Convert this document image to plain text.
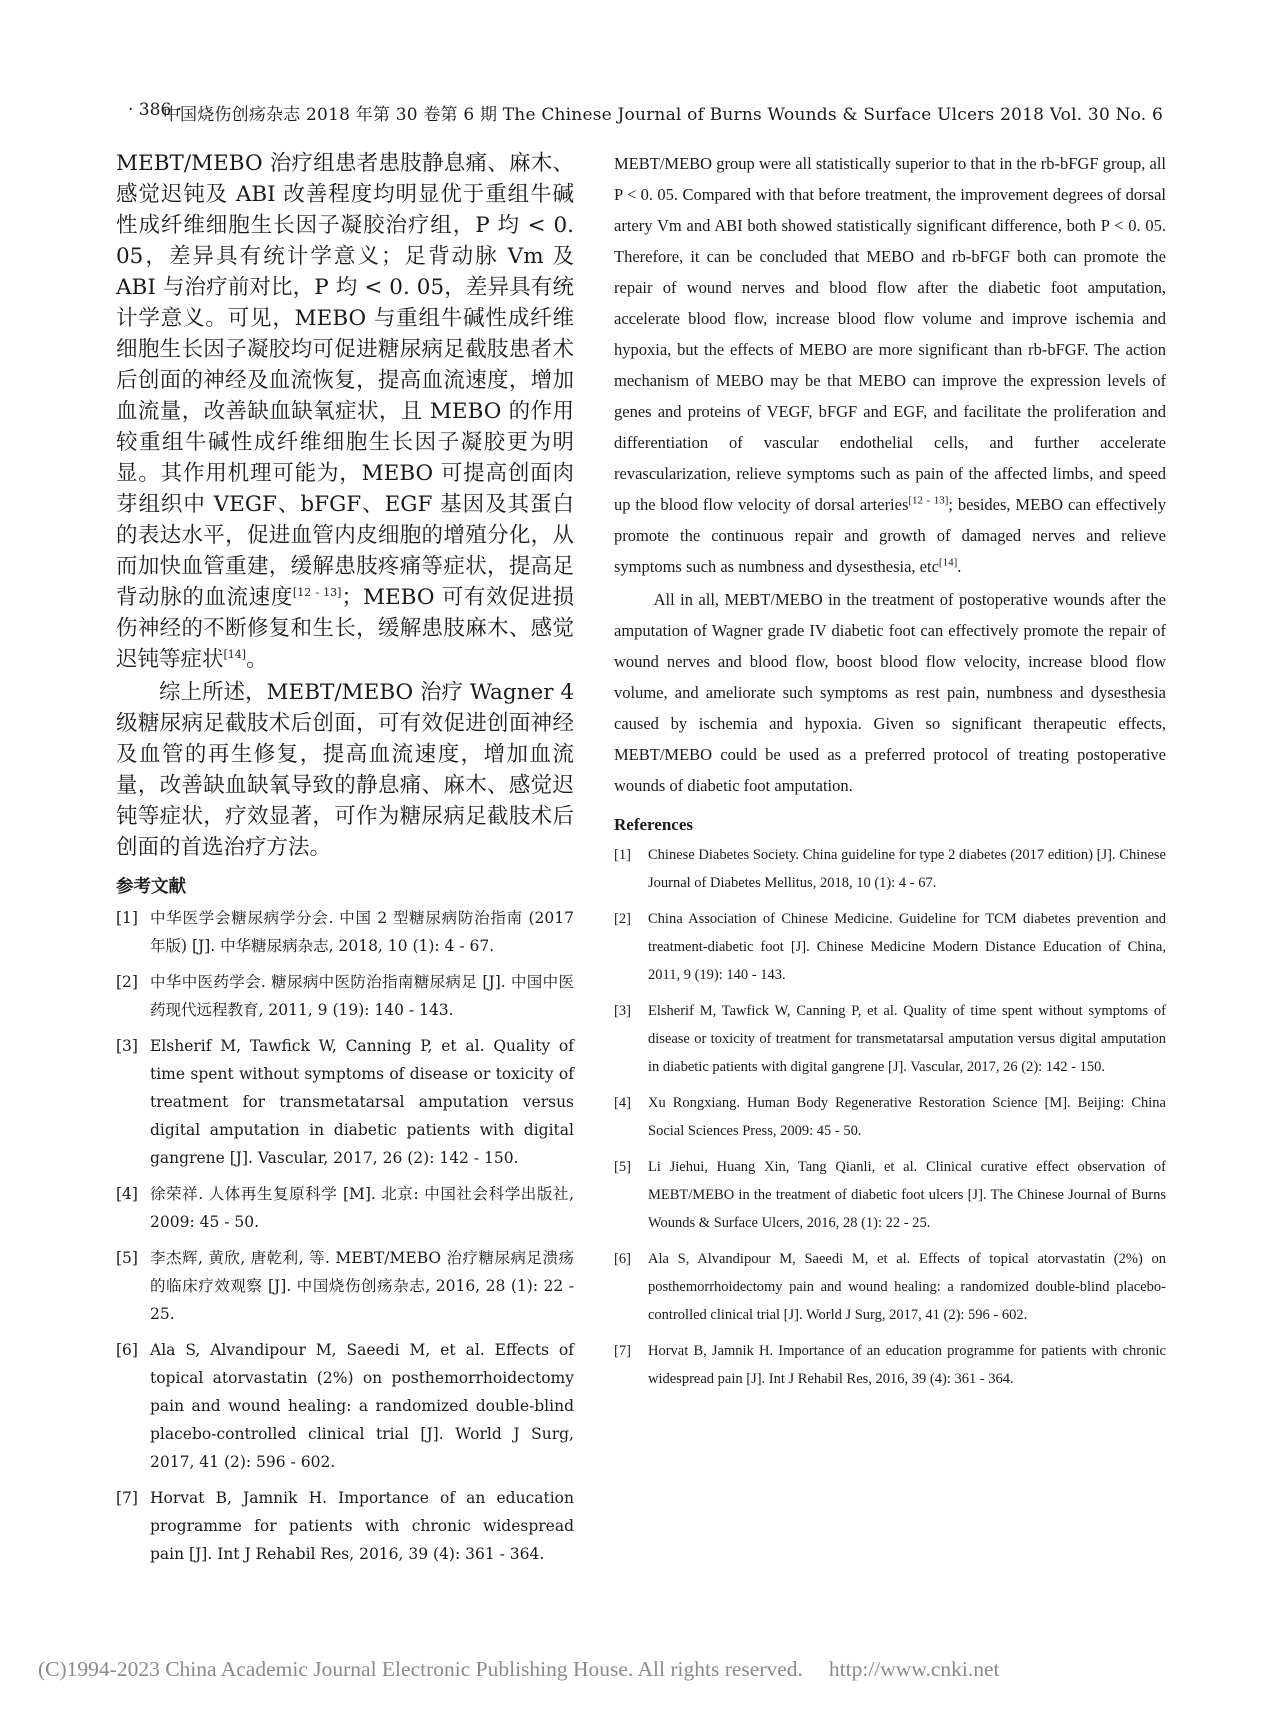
· 386 ·
中国烧伤创疡杂志 2018 年第 30 卷第 6 期 The Chinese Journal of Burns Wounds & Surface Ulcers 2018 Vol. 30 No. 6

MEBT/MEBO 治疗组患者患肢静息痛、麻木、感觉迟钝及 ABI 改善程度均明显优于重组牛碱性成纤维细胞生长因子凝胶治疗组，P 均 < 0. 05，差异具有统计学意义；足背动脉 Vm 及 ABI 与治疗前对比，P 均 < 0. 05，差异具有统计学意义。可见，MEBO 与重组牛碱性成纤维细胞生长因子凝胶均可促进糖尿病足截肢患者术后创面的神经及血流恢复，提高血流速度，增加血流量，改善缺血缺氧症状，且 MEBO 的作用较重组牛碱性成纤维细胞生长因子凝胶更为明显。其作用机理可能为，MEBO 可提高创面肉芽组织中 VEGF、bFGF、EGF 基因及其蛋白的表达水平，促进血管内皮细胞的增殖分化，从而加快血管重建，缓解患肢疼痛等症状，提高足背动脉的血流速度[12 - 13]；MEBO 可有效促进损伤神经的不断修复和生长，缓解患肢麻木、感觉迟钝等症状[14]。

综上所述，MEBT/MEBO 治疗 Wagner 4 级糖尿病足截肢术后创面，可有效促进创面神经及血管的再生修复，提高血流速度，增加血流量，改善缺血缺氧导致的静息痛、麻木、感觉迟钝等症状，疗效显著，可作为糖尿病足截肢术后创面的首选治疗方法。

参考文献
[1] 中华医学会糖尿病学分会. 中国 2 型糖尿病防治指南 (2017 年版) [J]. 中华糖尿病杂志, 2018, 10 (1): 4 - 67.
[2] 中华中医药学会. 糖尿病中医防治指南糖尿病足 [J]. 中国中医药现代远程教育, 2011, 9 (19): 140 - 143.
[3] Elsherif M, Tawfick W, Canning P, et al. Quality of time spent without symptoms of disease or toxicity of treatment for transmetatarsal amputation versus digital amputation in diabetic patients with digital gangrene [J]. Vascular, 2017, 26 (2): 142 - 150.
[4] 徐荣祥. 人体再生复原科学 [M]. 北京: 中国社会科学出版社, 2009: 45 - 50.
[5] 李杰辉, 黄欣, 唐乾利, 等. MEBT/MEBO 治疗糖尿病足溃疡的临床疗效观察 [J]. 中国烧伤创疡杂志, 2016, 28 (1): 22 - 25.
[6] Ala S, Alvandipour M, Saeedi M, et al. Effects of topical atorvastatin (2%) on posthemorrhoidectomy pain and wound healing: a randomized double-blind placebo-controlled clinical trial [J]. World J Surg, 2017, 41 (2): 596 - 602.
[7] Horvat B, Jamnik H. Importance of an education programme for patients with chronic widespread pain [J]. Int J Rehabil Res, 2016, 39 (4): 361 - 364.

MEBT/MEBO group were all statistically superior to that in the rb-bFGF group, all P < 0. 05. Compared with that before treatment, the improvement degrees of dorsal artery Vm and ABI both showed statistically significant difference, both P < 0. 05. Therefore, it can be concluded that MEBO and rb-bFGF both can promote the repair of wound nerves and blood flow after the diabetic foot amputation, accelerate blood flow, increase blood flow volume and improve ischemia and hypoxia, but the effects of MEBO are more significant than rb-bFGF. The action mechanism of MEBO may be that MEBO can improve the expression levels of genes and proteins of VEGF, bFGF and EGF, and facilitate the proliferation and differentiation of vascular endothelial cells, and further accelerate revascularization, relieve symptoms such as pain of the affected limbs, and speed up the blood flow velocity of dorsal arteries[12 - 13]; besides, MEBO can effectively promote the continuous repair and growth of damaged nerves and relieve symptoms such as numbness and dysesthesia, etc[14].

All in all, MEBT/MEBO in the treatment of postoperative wounds after the amputation of Wagner grade IV diabetic foot can effectively promote the repair of wound nerves and blood flow, boost blood flow velocity, increase blood flow volume, and ameliorate such symptoms as rest pain, numbness and dysesthesia caused by ischemia and hypoxia. Given so significant therapeutic effects, MEBT/MEBO could be used as a preferred protocol of treating postoperative wounds of diabetic foot amputation.

References
[1] Chinese Diabetes Society. China guideline for type 2 diabetes (2017 edition) [J]. Chinese Journal of Diabetes Mellitus, 2018, 10 (1): 4 - 67.
[2] China Association of Chinese Medicine. Guideline for TCM diabetes prevention and treatment-diabetic foot [J]. Chinese Medicine Modern Distance Education of China, 2011, 9 (19): 140 - 143.
[3] Elsherif M, Tawfick W, Canning P, et al. Quality of time spent without symptoms of disease or toxicity of treatment for transmetatarsal amputation versus digital amputation in diabetic patients with digital gangrene [J]. Vascular, 2017, 26 (2): 142 - 150.
[4] Xu Rongxiang. Human Body Regenerative Restoration Science [M]. Beijing: China Social Sciences Press, 2009: 45 - 50.
[5] Li Jiehui, Huang Xin, Tang Qianli, et al. Clinical curative effect observation of MEBT/MEBO in the treatment of diabetic foot ulcers [J]. The Chinese Journal of Burns Wounds & Surface Ulcers, 2016, 28 (1): 22 - 25.
[6] Ala S, Alvandipour M, Saeedi M, et al. Effects of topical atorvastatin (2%) on posthemorrhoidectomy pain and wound healing: a randomized double-blind placebo-controlled clinical trial [J]. World J Surg, 2017, 41 (2): 596 - 602.
[7] Horvat B, Jamnik H. Importance of an education programme for patients with chronic widespread pain [J]. Int J Rehabil Res, 2016, 39 (4): 361 - 364.
(C)1994-2023 China Academic Journal Electronic Publishing House. All rights reserved. http://www.cnki.net
